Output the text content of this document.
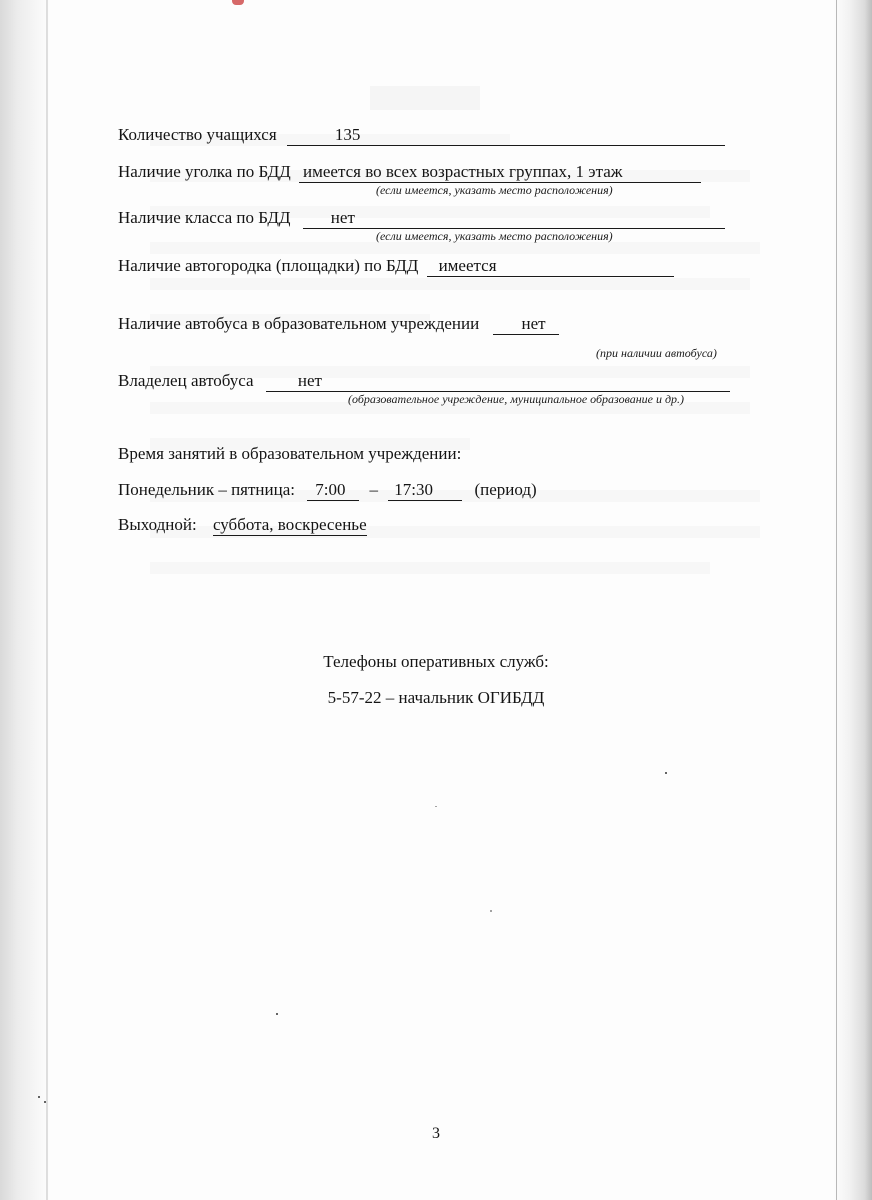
Количество учащихся	135
Наличие уголка по БДД имеется во всех возрастных группах, 1 этаж
(если имеется, указать место расположения)
Наличие класса по БДД нет
(если имеется, указать место расположения)
Наличие автогородка (площадки) по БДД имеется
Наличие автобуса в образовательном учреждении нет
(при наличии автобуса)
Владелец автобуса	нет
(образовательное учреждение, муниципальное образование и др.)
Время занятий в образовательном учреждении:
Понедельник – пятница: 7:00 – 17:30 (период)
Выходной: суббота, воскресенье
Телефоны оперативных служб:
5-57-22 – начальник ОГИБДД
3
